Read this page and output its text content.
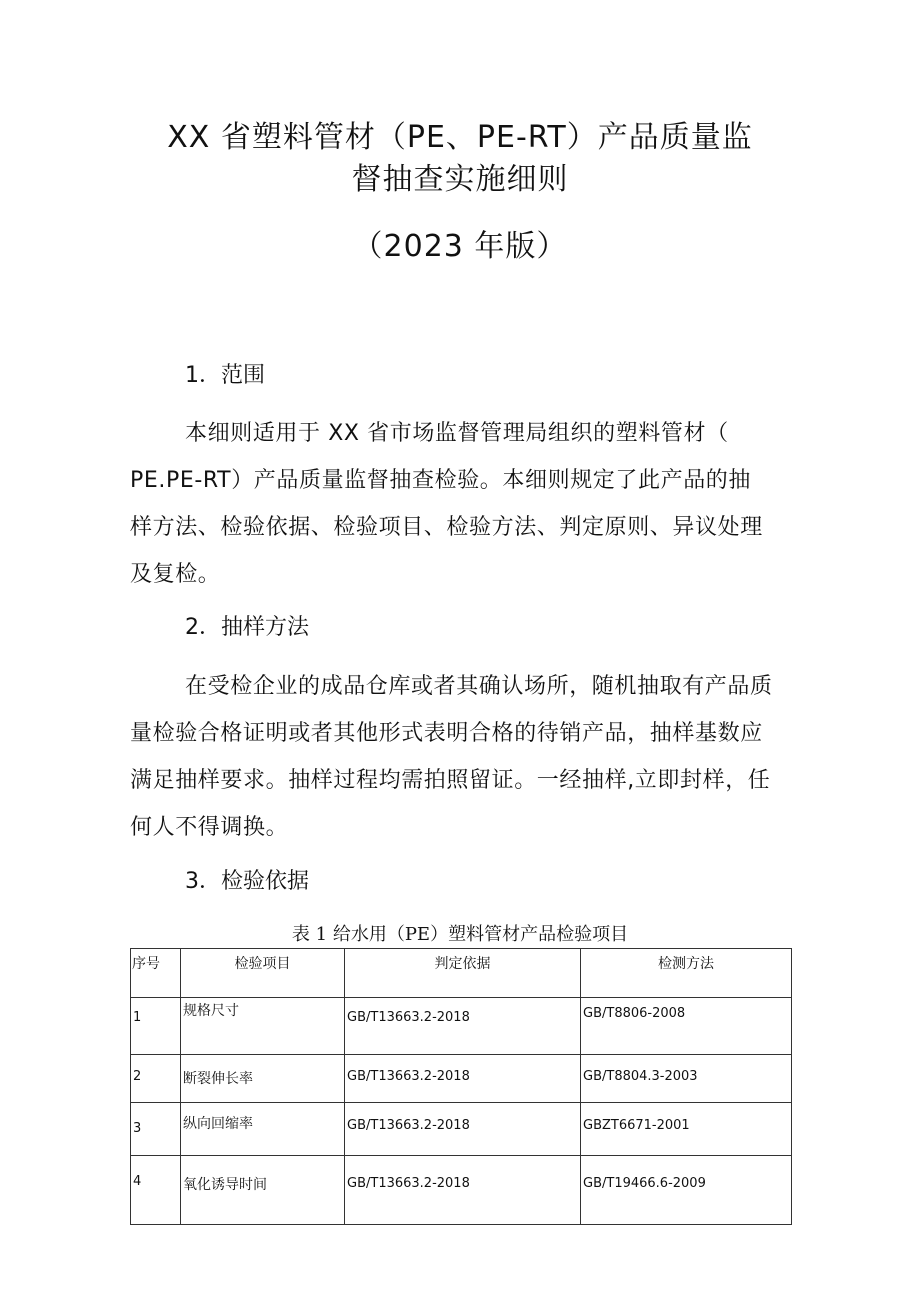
XX 省塑料管材（PE、PE-RT）产品质量监
督抽查实施细则
（2023 年版）
1．范围
本细则适用于 XX 省市场监督管理局组织的塑料管材（
PE.PE-RT）产品质量监督抽查检验。本细则规定了此产品的抽
样方法、检验依据、检验项目、检验方法、判定原则、异议处理
及复检。
2．抽样方法
在受检企业的成品仓库或者其确认场所，随机抽取有产品质
量检验合格证明或者其他形式表明合格的待销产品，抽样基数应
满足抽样要求。抽样过程均需拍照留证。一经抽样,立即封样，任
何人不得调换。
3．检验依据
表 1 给水用（PE）塑料管材产品检验项目
序号	检验项目	判定依据	检测方法
1	规格尺寸	GB/T13663.2-2018	GB/T8806-2008
2	断裂伸长率	GB/T13663.2-2018	GB/T8804.3-2003
3	纵向回缩率	GB/T13663.2-2018	GBZT6671-2001
4	氧化诱导时间	GB/T13663.2-2018	GB/T19466.6-2009
